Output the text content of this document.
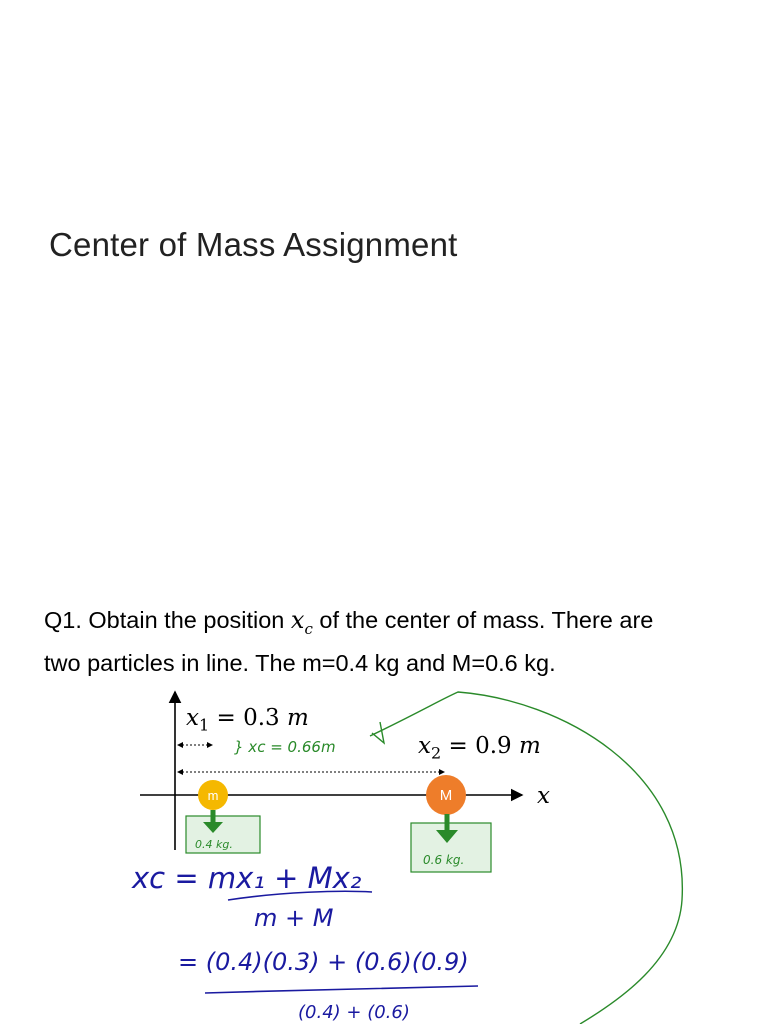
Center of Mass Assignment

Q1. Obtain the position $x_c$ of the center of mass. There are two particles in line. The m=0.4 kg and M=0.6 kg.

$x_1 = 0.3$ m
$x_2 = 0.9$ m
x
m	M
0.4 kg.
0.6 kg.
} xᴄ = 0.66m
xᴄ = mx₁ + Mx₂
m + M
= (0.4)(0.3) + (0.6)(0.9)
(0.4) + (0.6)
